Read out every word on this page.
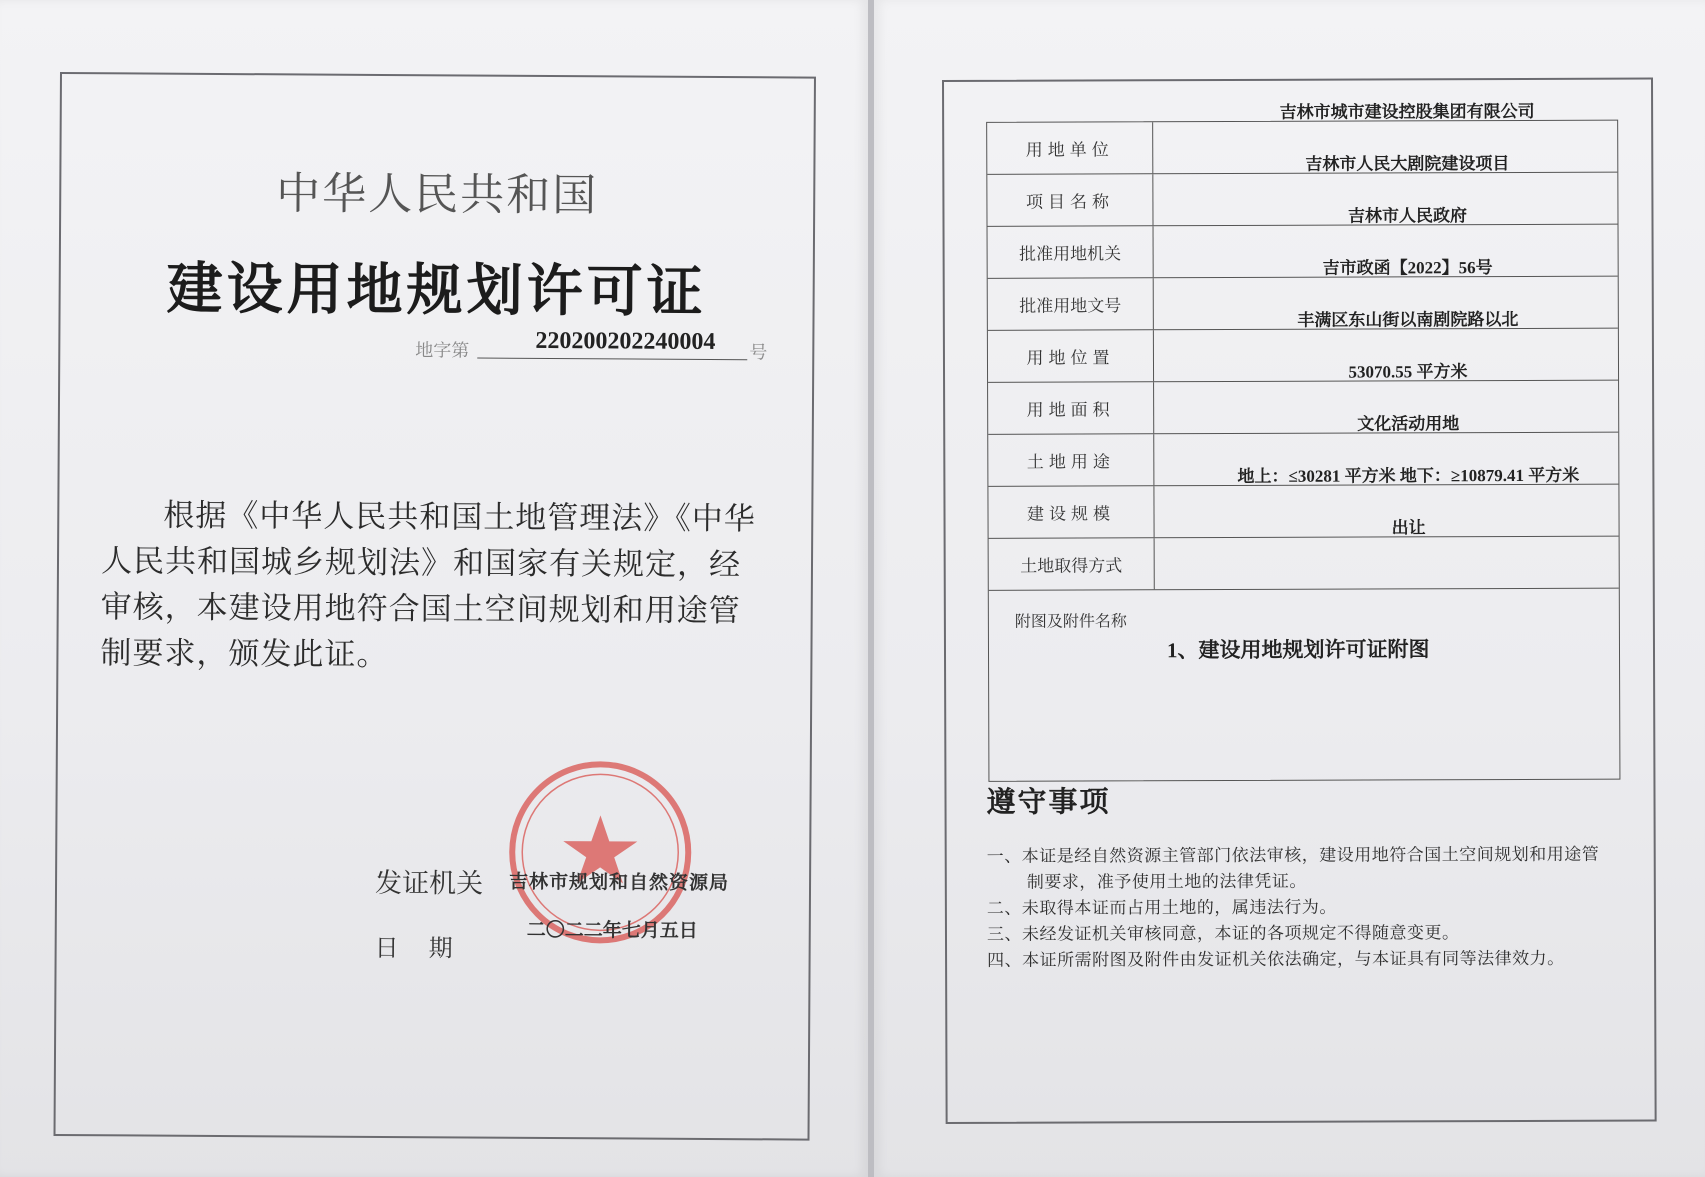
中华人民共和国
建设用地规划许可证
地字第	220200202240004 号

根据《中华人民共和国土地管理法》《中华人民共和国城乡规划法》和国家有关规定，经审核，本建设用地符合国土空间规划和用途管制要求，颁发此证。

发证机关 吉林市规划和自然资源局
日期
二〇二二年七月五日
用地单位
吉林市城市建设控股集团有限公司
项目名称
吉林市人民大剧院建设项目
批准用地机关
吉林市人民政府
批准用地文号
吉市政函【2022】56号
用地位置
丰满区东山街以南剧院路以北
用地面积
53070.55 平方米
土地用途
文化活动用地
建设规模
地上：≤30281 平方米 地下：≥10879.41 平方米
土地取得方式
出让
附图及附件名称
1、建设用地规划许可证附图
遵守事项
一、本证是经自然资源主管部门依法审核，建设用地符合国土空间规划和用途管制要求，准予使用土地的法律凭证。
二、未取得本证而占用土地的，属违法行为。
三、未经发证机关审核同意，本证的各项规定不得随意变更。
四、本证所需附图及附件由发证机关依法确定，与本证具有同等法律效力。
